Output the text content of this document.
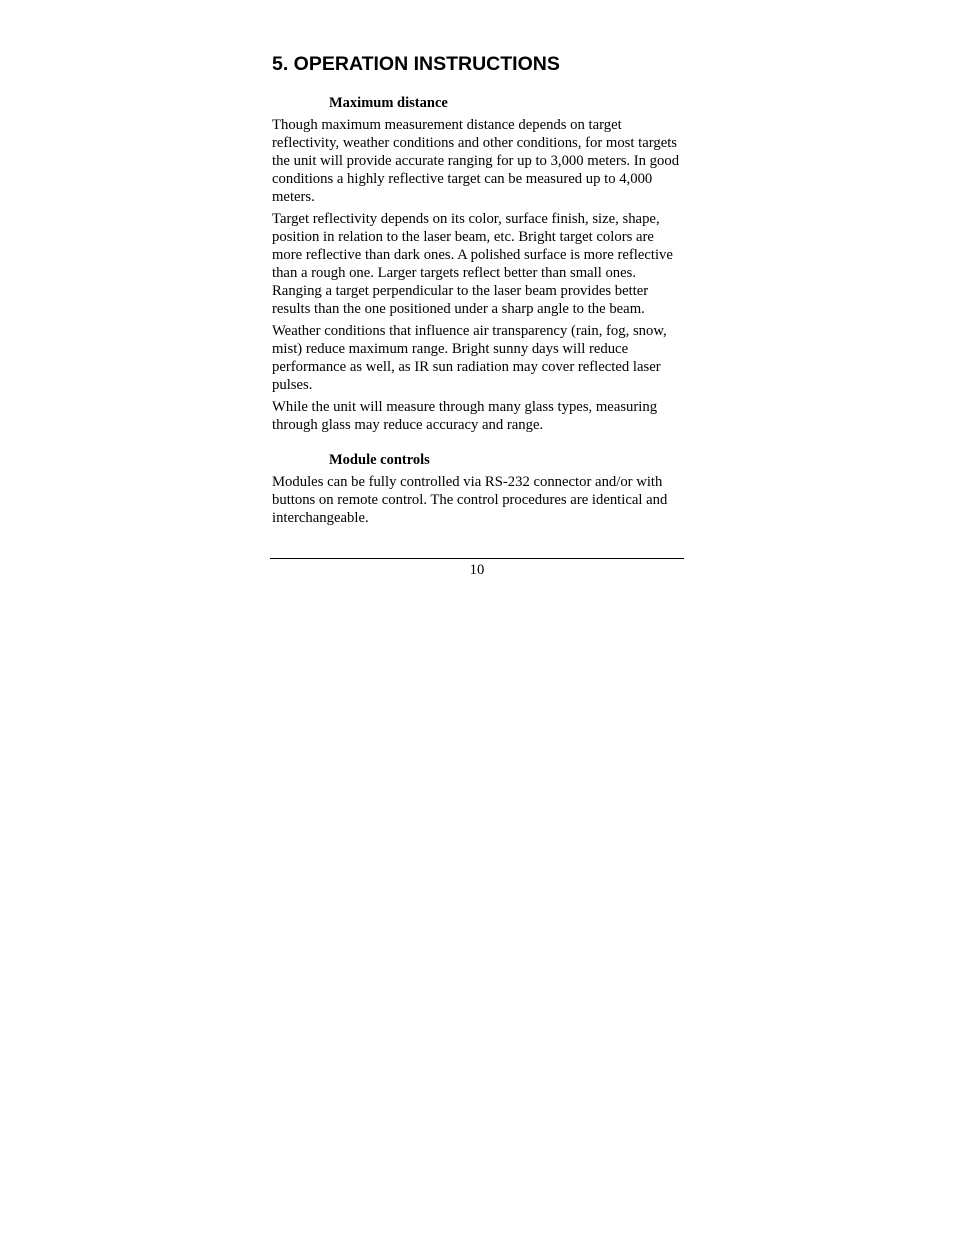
5. OPERATION INSTRUCTIONS
Maximum distance

Though maximum measurement distance depends on target reflectivity, weather conditions and other conditions, for most targets the unit will provide accurate ranging for up to 3,000 meters. In good conditions a highly reflective target can be measured up to 4,000 meters.

Target reflectivity depends on its color, surface finish, size, shape, position in relation to the laser beam, etc. Bright target colors are more reflective than dark ones. A polished surface is more reflective than a rough one. Larger targets reflect better than small ones. Ranging a target perpendicular to the laser beam provides better results than the one positioned under a sharp angle to the beam.

Weather conditions that influence air transparency (rain, fog, snow, mist) reduce maximum range. Bright sunny days will reduce performance as well, as IR sun radiation may cover reflected laser pulses.

While the unit will measure through many glass types, measuring through glass may reduce accuracy and range.

Module controls

Modules can be fully controlled via RS-232 connector and/or with buttons on remote control. The control procedures are identical and interchangeable.

10
